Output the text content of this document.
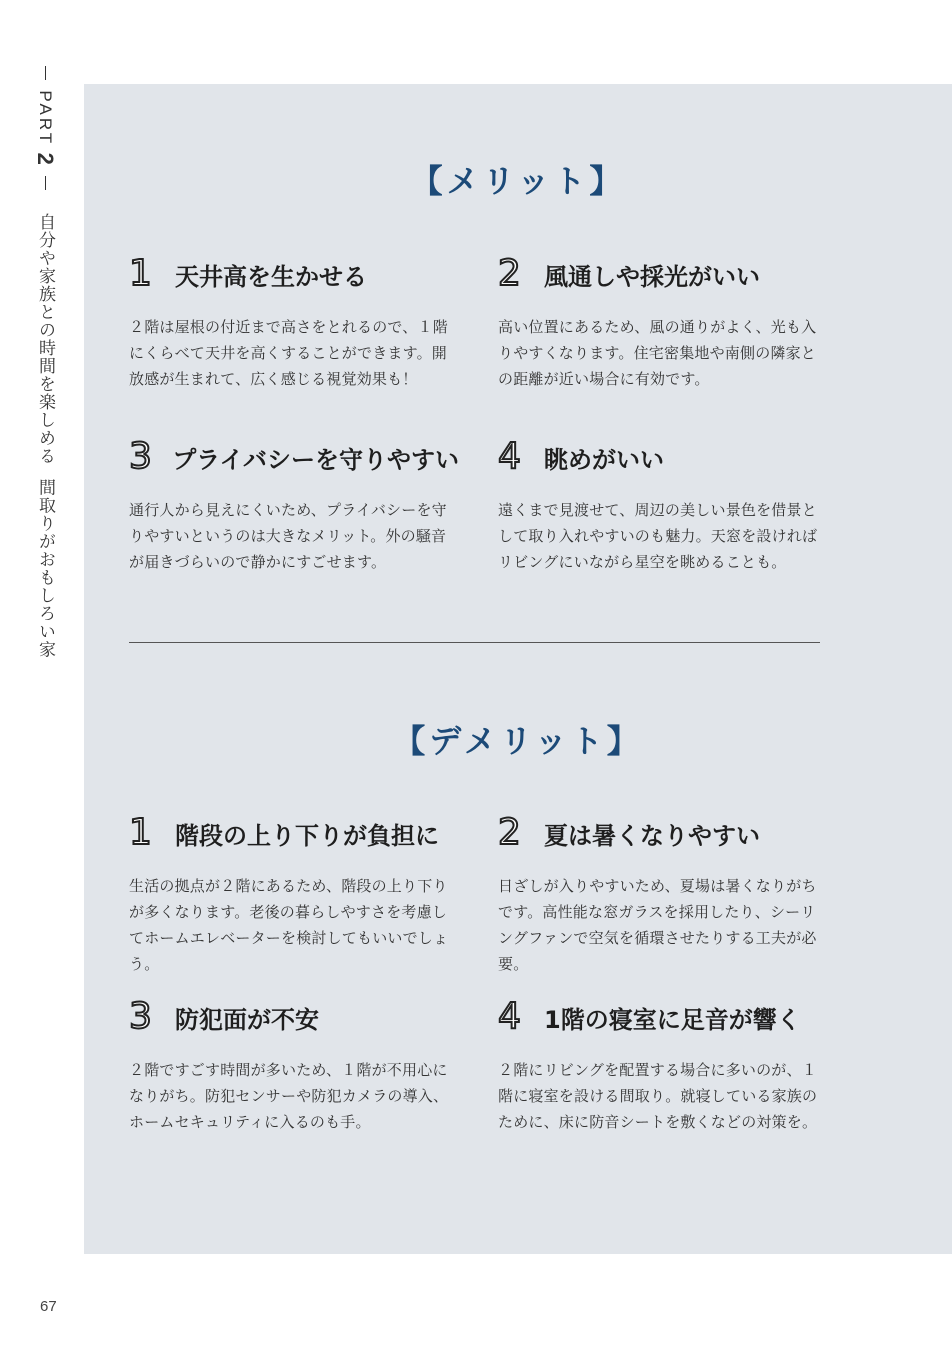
PART 2  自分や家族との時間を楽しめる間取りがおもしろい家
【メリット】
1 天井高を生かせる
２階は屋根の付近まで高さをとれるので、１階にくらべて天井を高くすることができます。開放感が生まれて、広く感じる視覚効果も！
2 風通しや採光がいい
高い位置にあるため、風の通りがよく、光も入りやすくなります。住宅密集地や南側の隣家との距離が近い場合に有効です。
3 プライバシーを守りやすい
通行人から見えにくいため、プライバシーを守りやすいというのは大きなメリット。外の騒音が届きづらいので静かにすごせます。
4 眺めがいい
遠くまで見渡せて、周辺の美しい景色を借景として取り入れやすいのも魅力。天窓を設ければリビングにいながら星空を眺めることも。
【デメリット】
1 階段の上り下りが負担に
生活の拠点が２階にあるため、階段の上り下りが多くなります。老後の暮らしやすさを考慮してホームエレベーターを検討してもいいでしょう。
2 夏は暑くなりやすい
日ざしが入りやすいため、夏場は暑くなりがちです。高性能な窓ガラスを採用したり、シーリングファンで空気を循環させたりする工夫が必要。
3 防犯面が不安
２階ですごす時間が多いため、１階が不用心になりがち。防犯センサーや防犯カメラの導入、ホームセキュリティに入るのも手。
4 1階の寝室に足音が響く
２階にリビングを配置する場合に多いのが、１階に寝室を設ける間取り。就寝している家族のために、床に防音シートを敷くなどの対策を。
67
